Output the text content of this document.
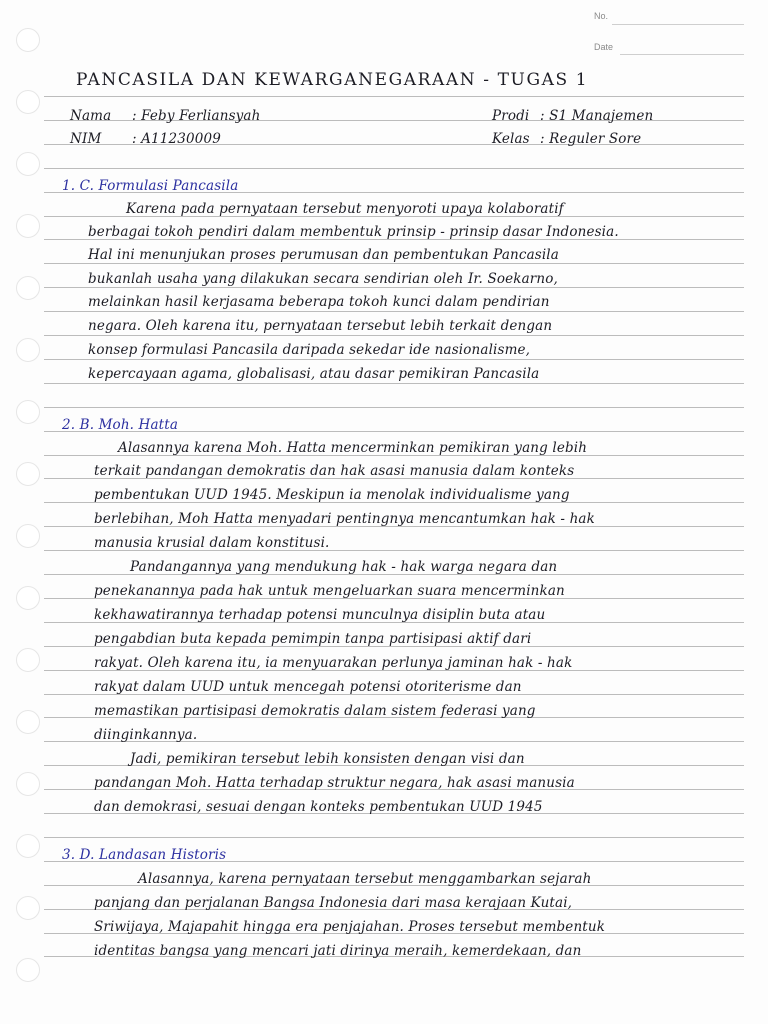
No.
Date
PANCASILA DAN KEWARGANEGARAAN - TUGAS 1
Nama : Feby Ferliansyah
NIM : A11230009
Prodi : S1 Manajemen
Kelas : Reguler Sore
1. C. Formulasi Pancasila
Karena pada pernyataan tersebut menyoroti upaya kolaboratif
berbagai tokoh pendiri dalam membentuk prinsip - prinsip dasar Indonesia.
Hal ini menunjukan proses perumusan dan pembentukan Pancasila
bukanlah usaha yang dilakukan secara sendirian oleh Ir. Soekarno,
melainkan hasil kerjasama beberapa tokoh kunci dalam pendirian
negara. Oleh karena itu, pernyataan tersebut lebih terkait dengan
konsep formulasi Pancasila daripada sekedar ide nasionalisme,
kepercayaan agama, globalisasi, atau dasar pemikiran Pancasila
2. B. Moh. Hatta
Alasannya karena Moh. Hatta mencerminkan pemikiran yang lebih
terkait pandangan demokratis dan hak asasi manusia dalam konteks
pembentukan UUD 1945. Meskipun ia menolak individualisme yang
berlebihan, Moh Hatta menyadari pentingnya mencantumkan hak - hak
manusia krusial dalam konstitusi.
Pandangannya yang mendukung hak - hak warga negara dan
penekanannya pada hak untuk mengeluarkan suara mencerminkan
kekhawatirannya terhadap potensi munculnya disiplin buta atau
pengabdian buta kepada pemimpin tanpa partisipasi aktif dari
rakyat. Oleh karena itu, ia menyuarakan perlunya jaminan hak - hak
rakyat dalam UUD untuk mencegah potensi otoriterisme dan
memastikan partisipasi demokratis dalam sistem federasi yang
diinginkannya.
Jadi, pemikiran tersebut lebih konsisten dengan visi dan
pandangan Moh. Hatta terhadap struktur negara, hak asasi manusia
dan demokrasi, sesuai dengan konteks pembentukan UUD 1945
3. D. Landasan Historis
Alasannya, karena pernyataan tersebut menggambarkan sejarah
panjang dan perjalanan Bangsa Indonesia dari masa kerajaan Kutai,
Sriwijaya, Majapahit hingga era penjajahan. Proses tersebut membentuk
identitas bangsa yang mencari jati dirinya meraih, kemerdekaan, dan
